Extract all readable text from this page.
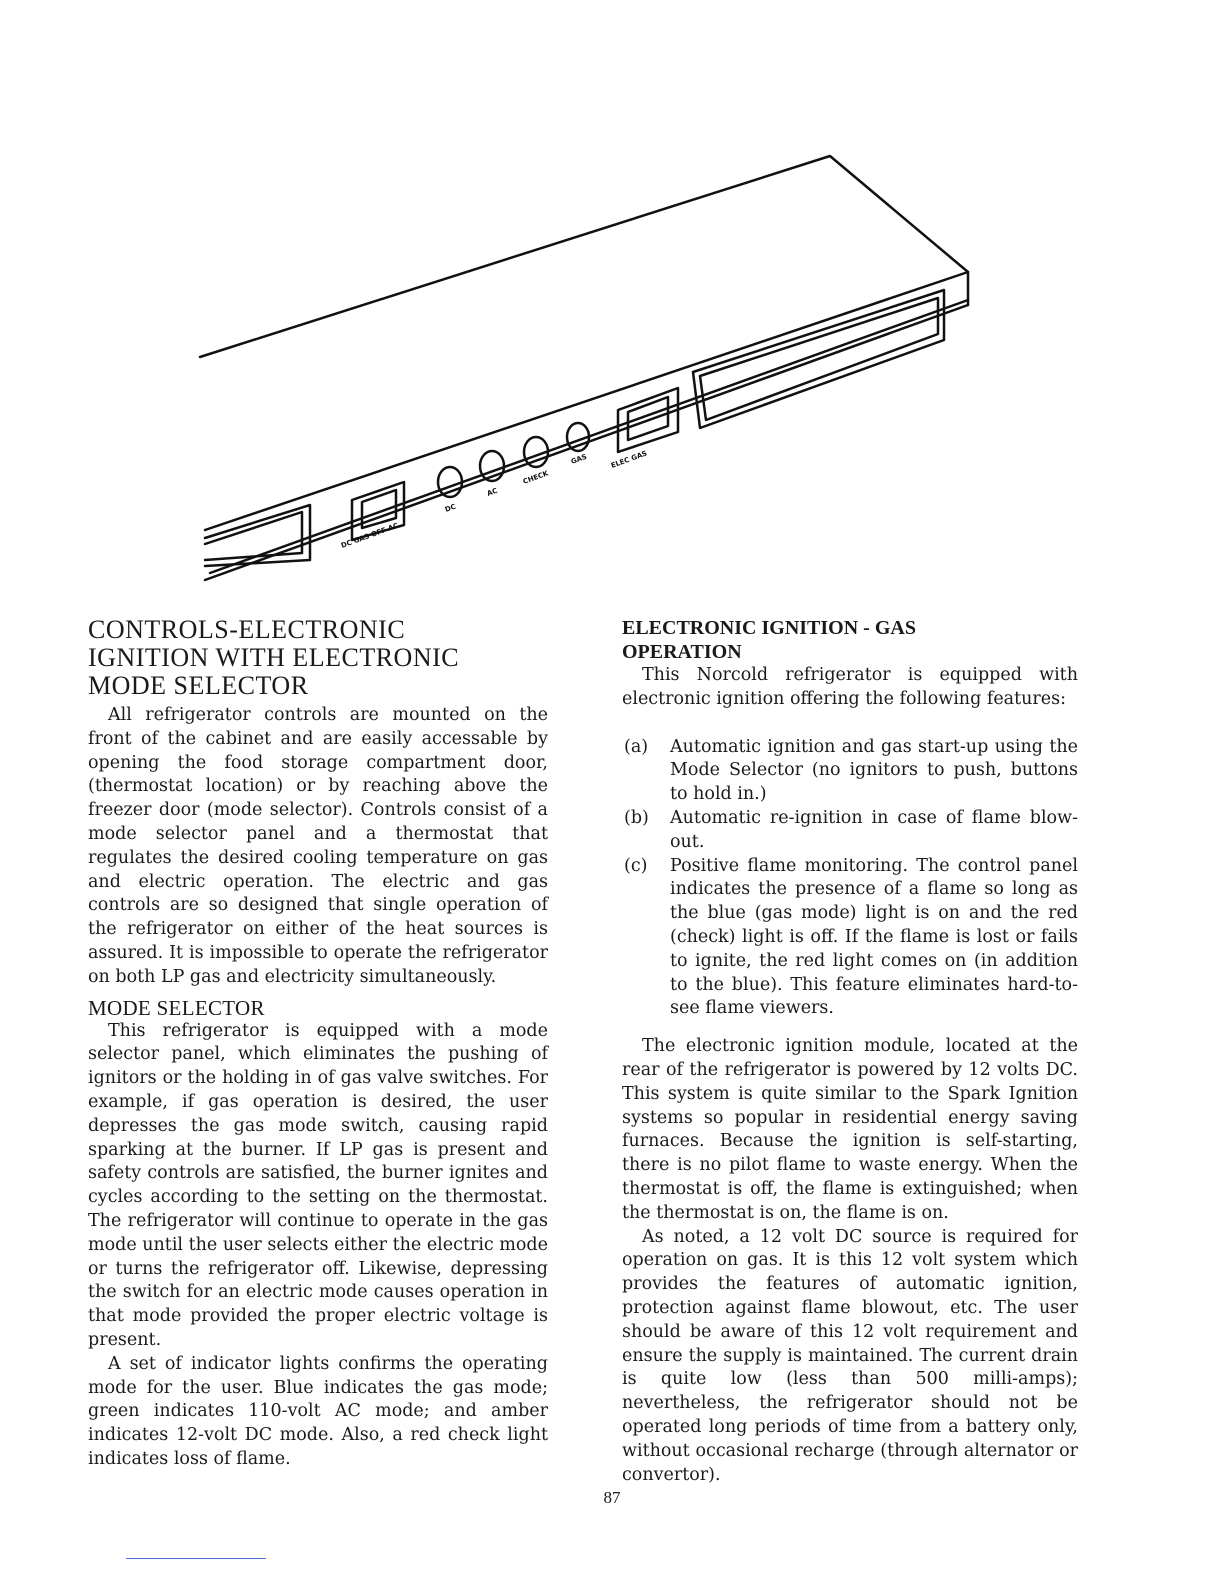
DC GAS OFF AC
DC
AC
CHECK
GAS	ELEC GAS
CONTROLS-ELECTRONIC
IGNITION WITH ELECTRONIC
MODE SELECTOR

All refrigerator controls are mounted on the front of the cabinet and are easily accessable by opening the food storage compartment door, (thermostat location) or by reaching above the freezer door (mode selector). Controls consist of a mode selector panel and a thermostat that regulates the desired cooling temperature on gas and electric operation. The electric and gas controls are so designed that single operation of the refrigerator on either of the heat sources is assured. It is impossible to operate the refrigerator on both LP gas and electricity simultaneously.

MODE SELECTOR

This refrigerator is equipped with a mode selector panel, which eliminates the pushing of ignitors or the holding in of gas valve switches. For example, if gas operation is desired, the user depresses the gas mode switch, causing rapid sparking at the burner. If LP gas is present and safety controls are satisfied, the burner ignites and cycles according to the setting on the thermostat. The refrigerator will continue to operate in the gas mode until the user selects either the electric mode or turns the refrigerator off. Likewise, depressing the switch for an electric mode causes operation in that mode provided the proper electric voltage is present.

A set of indicator lights confirms the operating mode for the user. Blue indicates the gas mode; green indicates 110-volt AC mode; and amber indicates 12-volt DC mode. Also, a red check light indicates loss of flame.

ELECTRONIC IGNITION - GAS
OPERATION

This Norcold refrigerator is equipped with electronic ignition offering the following features:

(a) Automatic ignition and gas start-up using the Mode Selector (no ignitors to push, buttons to hold in.)
(b) Automatic re-ignition in case of flame blow-out.
(c) Positive flame monitoring. The control panel indicates the presence of a flame so long as the blue (gas mode) light is on and the red (check) light is off. If the flame is lost or fails to ignite, the red light comes on (in addition to the blue). This feature eliminates hard-to-see flame viewers.

The electronic ignition module, located at the rear of the refrigerator is powered by 12 volts DC. This system is quite similar to the Spark Ignition systems so popular in residential energy saving furnaces. Because the ignition is self-starting, there is no pilot flame to waste energy. When the thermostat is off, the flame is extinguished; when the thermostat is on, the flame is on.

As noted, a 12 volt DC source is required for operation on gas. It is this 12 volt system which provides the features of automatic ignition, protection against flame blowout, etc. The user should be aware of this 12 volt requirement and ensure the supply is maintained. The current drain is quite low (less than 500 milli-amps); nevertheless, the refrigerator should not be operated long periods of time from a battery only, without occasional recharge (through alternator or convertor).

87
